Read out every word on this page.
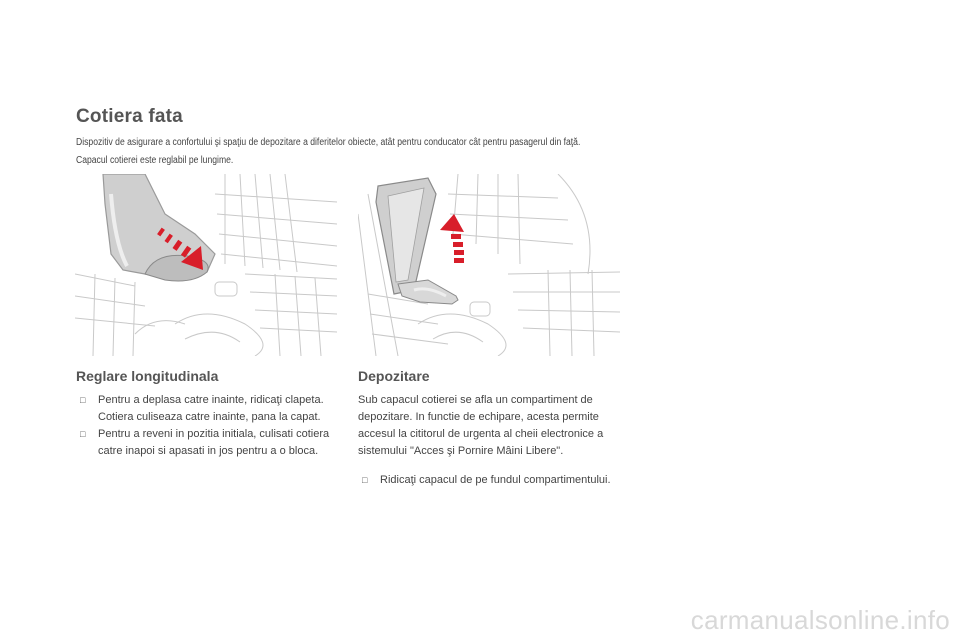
Cotiera fata
Dispozitiv de asigurare a confortului şi spaţiu de depozitare a diferitelor obiecte, atât pentru conducator cât pentru pasagerul din faţă.
Capacul cotierei este reglabil pe lungime.
Reglare longitudinala
□ Pentru a deplasa catre inainte, ridicaţi clapeta. Cotiera culiseaza catre inainte, pana la capat.
□ Pentru a reveni in pozitia initiala, culisati cotiera catre inapoi si apasati in jos pentru a o bloca.
Depozitare

Sub capacul cotierei se afla un compartiment de depozitare. In functie de echipare, acesta permite accesul la cititorul de urgenta al cheii electronice a sistemului "Acces şi Pornire Mâini Libere".

□ Ridicaţi capacul de pe fundul compartimentului.
carmanualsonline.info
